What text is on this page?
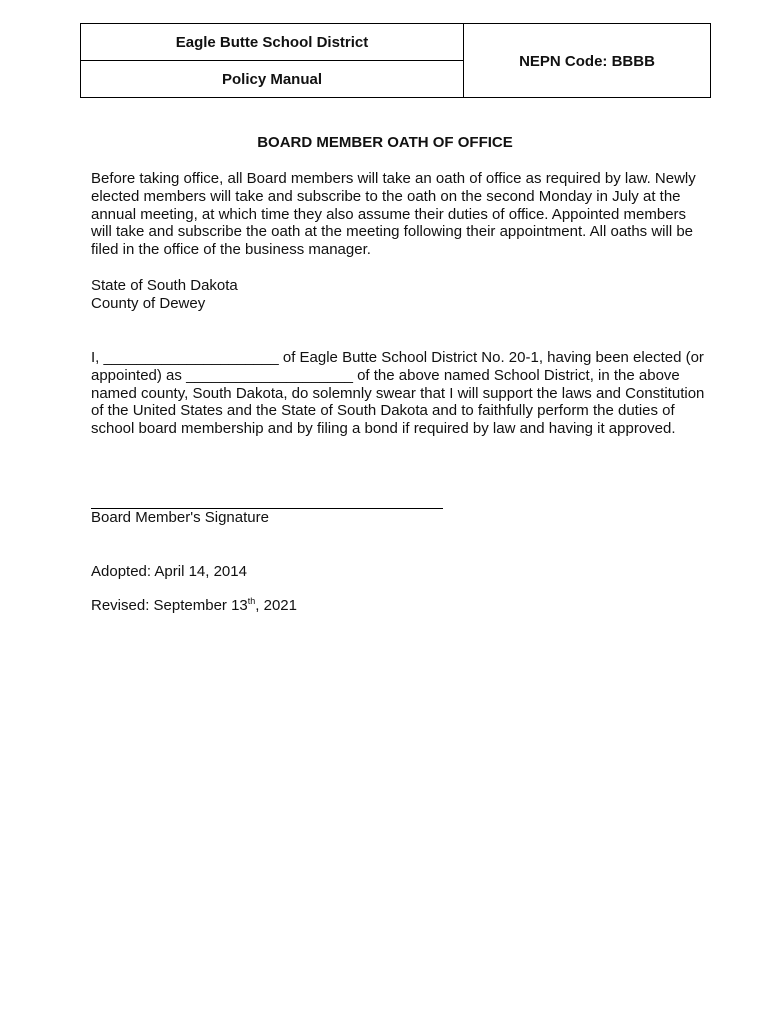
Eagle Butte School District
Policy Manual
NEPN Code: BBBB
BOARD MEMBER OATH OF OFFICE
Before taking office, all Board members will take an oath of office as required by law. Newly elected members will take and subscribe to the oath on the second Monday in July at the annual meeting, at which time they also assume their duties of office. Appointed members will take and subscribe the oath at the meeting following their appointment. All oaths will be filed in the office of the business manager.
State of South Dakota
County of Dewey
I, _____________________ of Eagle Butte School District No. 20-1, having been elected (or appointed) as ____________________ of the above named School District, in the above named county, South Dakota, do solemnly swear that I will support the laws and Constitution of the United States and the State of South Dakota and to faithfully perform the duties of school board membership and by filing a bond if required by law and having it approved.
Board Member's Signature
Adopted: April 14, 2014
Revised: September 13th, 2021
